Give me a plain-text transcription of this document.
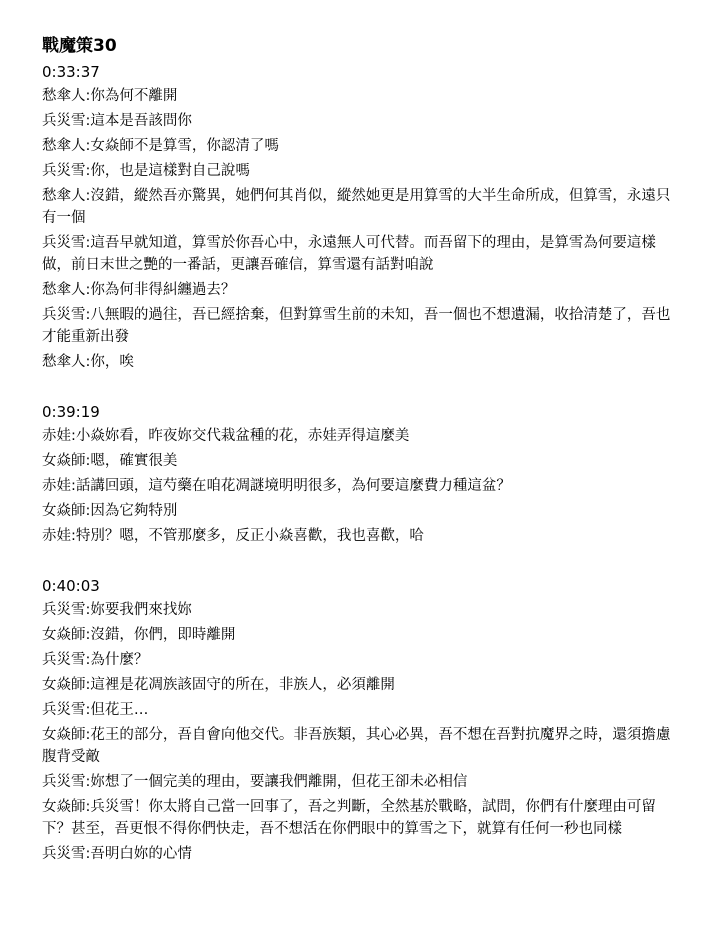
戰魔策30
0:33:37
愁傘人:你為何不離開
兵災雪:這本是吾該問你
愁傘人:女焱師不是算雪，你認清了嗎
兵災雪:你，也是這樣對自己說嗎
愁傘人:沒錯，縱然吾亦驚異，她們何其肖似，縱然她更是用算雪的大半生命所成，但算雪，永遠只有一個
兵災雪:這吾早就知道，算雪於你吾心中，永遠無人可代替。而吾留下的理由，是算雪為何要這樣做，前日末世之艷的一番話，更讓吾確信，算雪還有話對咱說
愁傘人:你為何非得糾纏過去？
兵災雪:八無暇的過往，吾已經捨棄，但對算雪生前的未知，吾一個也不想遺漏，收拾清楚了，吾也才能重新出發
愁傘人:你，唉
0:39:19
赤娃:小焱妳看，昨夜妳交代栽盆種的花，赤娃弄得這麼美
女焱師:嗯，確實很美
赤娃:話講回頭，這芍藥在咱花凋謎境明明很多，為何要這麼費力種這盆？
女焱師:因為它夠特別
赤娃:特別？嗯，不管那麼多，反正小焱喜歡，我也喜歡，哈
0:40:03
兵災雪:妳要我們來找妳
女焱師:沒錯，你們，即時離開
兵災雪:為什麼？
女焱師:這裡是花凋族該固守的所在，非族人，必須離開
兵災雪:但花王…
女焱師:花王的部分，吾自會向他交代。非吾族類，其心必異，吾不想在吾對抗魔界之時，還須擔慮腹背受敵
兵災雪:妳想了一個完美的理由，要讓我們離開，但花王卻未必相信
女焱師:兵災雪！你太將自己當一回事了，吾之判斷，全然基於戰略，試問，你們有什麼理由可留下？甚至，吾更恨不得你們快走，吾不想活在你們眼中的算雪之下，就算有任何一秒也同樣
兵災雪:吾明白妳的心情
